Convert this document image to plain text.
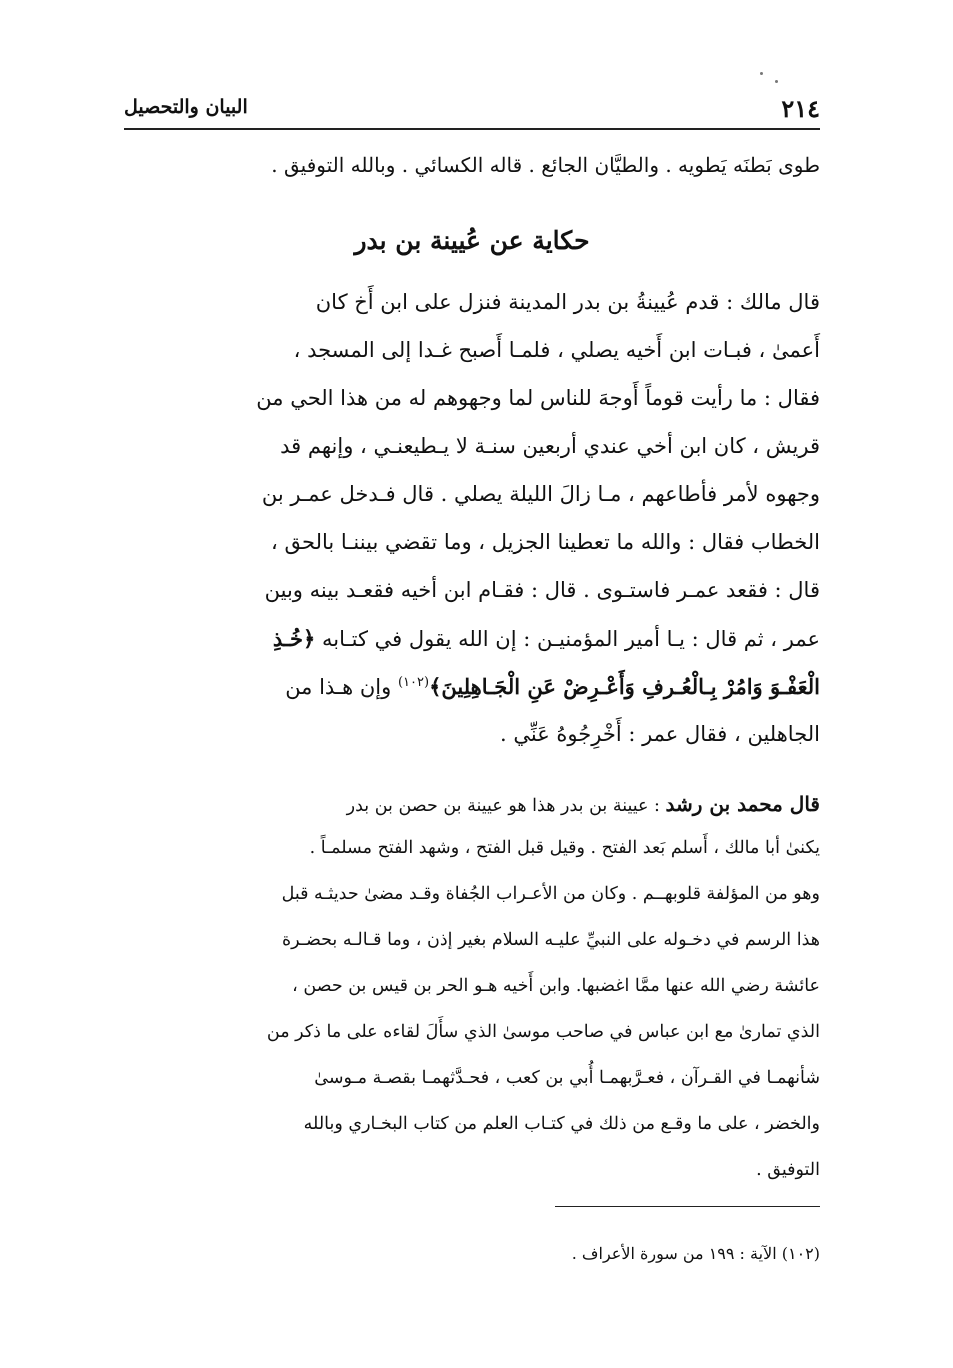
٢١٤
البيان والتحصيل
طوى بَطنَه يَطويه . والطيَّان الجائع . قاله الكسائي . وبالله التوفيق .
حكاية عن عُيينة بن بدر
قال مالك : قدم عُيينةُ بن بدر المدينة فنزل على ابن أَخ كان
أَعمىٰ ، فبـات ابن أَخيه يصلي ، فلمـا أَصبح غـدا إلى المسجد ،
فقال : ما رأيت قوماً أَوجهَ للناس لما وجهوهم له من هذا الحي من
قريش ، كان ابن أخي عندي أربعين سنـة لا يـطيعنـي ، وإنهم قد
وجهوه لأمر فأطاعهم ، مـا زالَ الليلة يصلي . قال فـدخل عمـر بن
الخطاب فقال : والله ما تعطينا الجزيل ، وما تقضي بيننـا بالحق ،
قال : فقعد عمـر فاستـوى . قال : فقـام ابن أخيه فقعـد بينه وبين
عمر ، ثم قال : يـا أمير المؤمنيـن : إن الله يقول في كتـابه ﴿خُـذِ
الْعَفْـوَ وَامُرْ بِـالْعُـرفِ وَأَعْـرِضْ عَنِ الْجَـاهِلِينَ﴾$^{(١٠٢)}$ وإن هـذا من
الجاهلين ، فقال عمر : أَخْرِجُوهُ عَنِّي .
قال محمد بن رشد : عيينة بن بدر هذا هو عيينة بن حصن بن بدر
يكنىٰ أبا مالك ، أَسلم بَعد الفتح . وقيل قبل الفتح ، وشهد الفتح مسلمـاً .
وهو من المؤلفة قلوبهــم . وكان من الأعـراب الجُفاة وقـد مضىٰ حديثـه قبل
هذا الرسم في دخـوله على النبيِّ عليـه السلام بغير إذن ، وما قـالـه بحضـرة
عائشة رضي الله عنها ممَّا اغضبها. وابن أَخيه هـو الحر بن قيس بن حصن ،
الذي تمارىٰ مع ابن عباس في صاحب موسىٰ الذي سأَلَ لقاءه على ما ذكر من
شأنهمـا في القـرآن ، فعـرَّبهمـا أُبي بن كعب ، فحـدَّثهمـا بقصـة مـوسىٰ
والخضر ، على ما وقـع من ذلك في كتـاب العلم من كتاب البخـاري وبالله
التوفيق .
(١٠٢) الآية : ١٩٩ من سورة الأعراف .
